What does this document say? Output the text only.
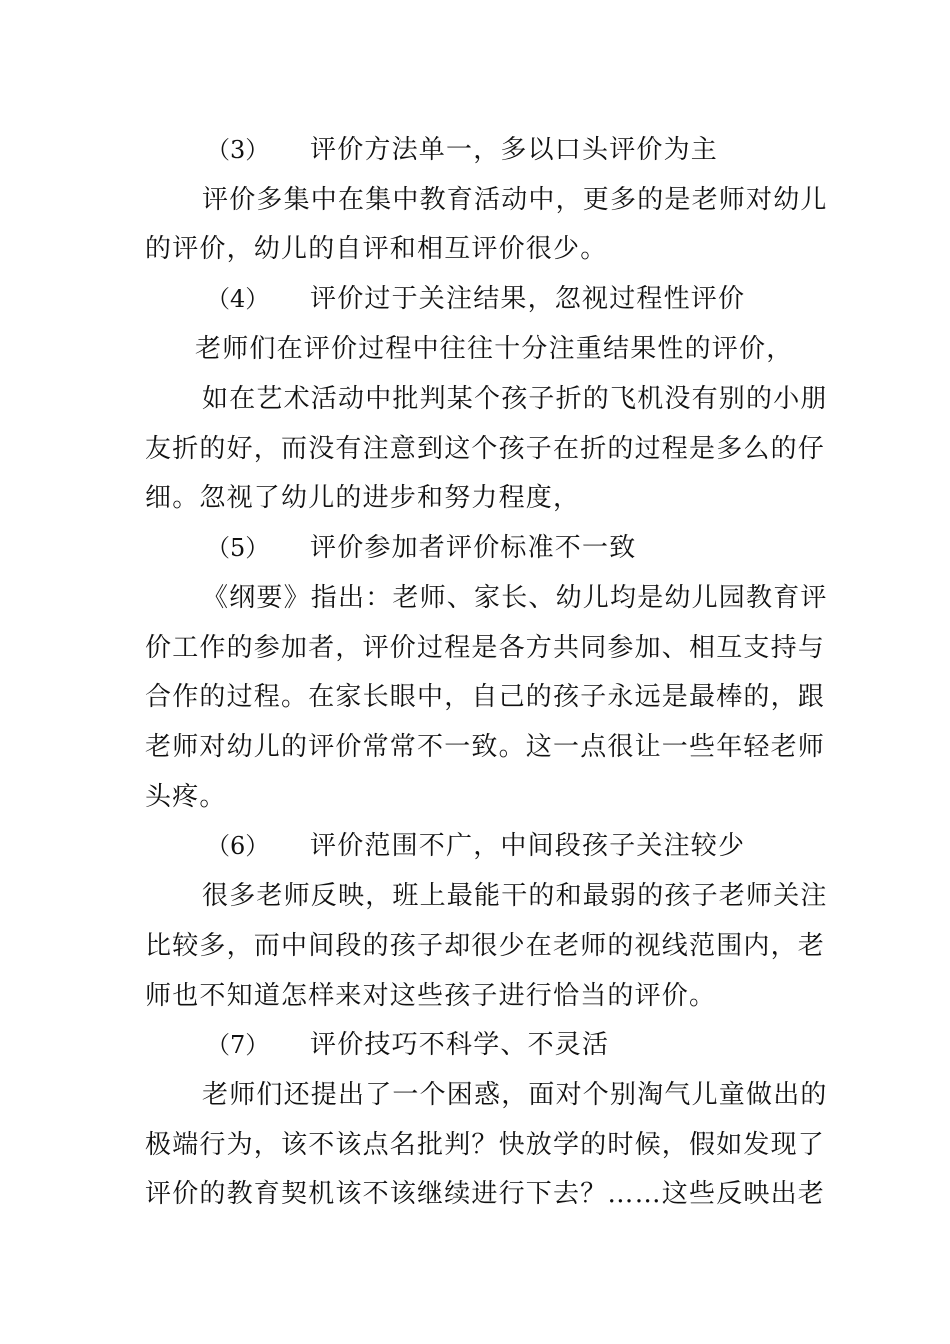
（3） 评价方法单一，多以口头评价为主
评价多集中在集中教育活动中，更多的是老师对幼儿
的评价，幼儿的自评和相互评价很少。
（4） 评价过于关注结果，忽视过程性评价
老师们在评价过程中往往十分注重结果性的评价，
如在艺术活动中批判某个孩子折的飞机没有别的小朋
友折的好，而没有注意到这个孩子在折的过程是多么的仔
细。忽视了幼儿的进步和努力程度，
（5） 评价参加者评价标准不一致
《纲要》指出：老师、家长、幼儿均是幼儿园教育评
价工作的参加者，评价过程是各方共同参加、相互支持与
合作的过程。在家长眼中，自己的孩子永远是最棒的，跟
老师对幼儿的评价常常不一致。这一点很让一些年轻老师
头疼。
（6） 评价范围不广，中间段孩子关注较少
很多老师反映，班上最能干的和最弱的孩子老师关注
比较多，而中间段的孩子却很少在老师的视线范围内，老
师也不知道怎样来对这些孩子进行恰当的评价。
（7） 评价技巧不科学、不灵活
老师们还提出了一个困惑，面对个别淘气儿童做出的
极端行为，该不该点名批判？快放学的时候，假如发现了
评价的教育契机该不该继续进行下去？……这些反映出老
